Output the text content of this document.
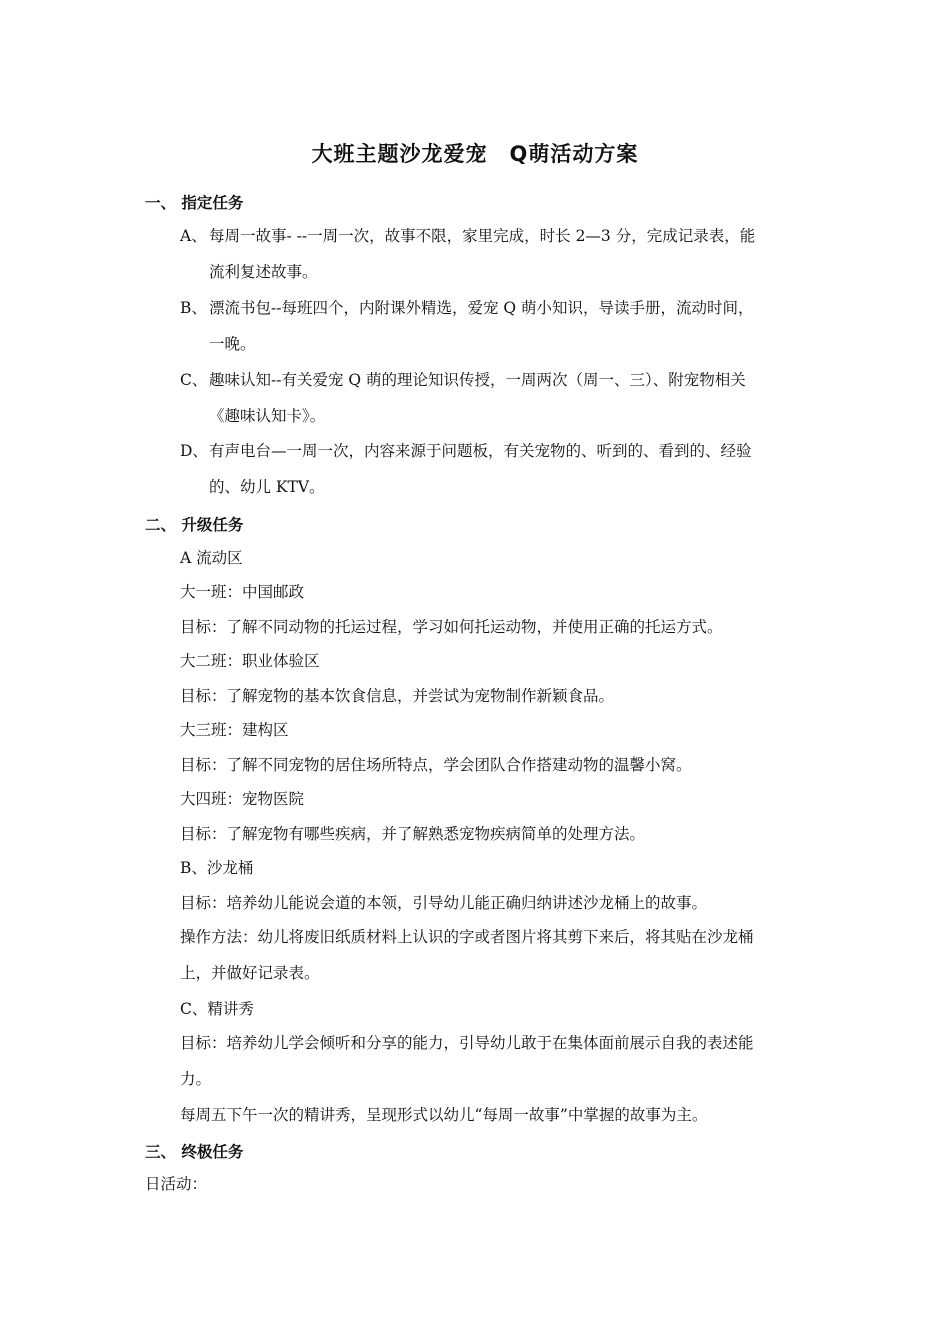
大班主题沙龙爱宠　Q萌活动方案
一、 指定任务
A、 每周一故事- --一周一次，故事不限，家里完成，时长 2—3 分，完成记录表，能
流利复述故事。
B、 漂流书包--每班四个，内附课外精选，爱宠 Q 萌小知识，导读手册，流动时间，
一晚。
C、 趣味认知--有关爱宠 Q 萌的理论知识传授，一周两次（周一、三）、附宠物相关
《趣味认知卡》。
D、 有声电台—一周一次，内容来源于问题板，有关宠物的、听到的、看到的、经验
的、幼儿 KTV。
二、 升级任务
A 流动区
大一班：中国邮政
目标：了解不同动物的托运过程，学习如何托运动物，并使用正确的托运方式。
大二班：职业体验区
目标：了解宠物的基本饮食信息，并尝试为宠物制作新颖食品。
大三班：建构区
目标：了解不同宠物的居住场所特点，学会团队合作搭建动物的温馨小窝。
大四班：宠物医院
目标：了解宠物有哪些疾病，并了解熟悉宠物疾病简单的处理方法。
B、沙龙桶
目标：培养幼儿能说会道的本领，引导幼儿能正确归纳讲述沙龙桶上的故事。
操作方法：幼儿将废旧纸质材料上认识的字或者图片将其剪下来后，将其贴在沙龙桶
上，并做好记录表。
C、精讲秀
目标：培养幼儿学会倾听和分享的能力，引导幼儿敢于在集体面前展示自我的表述能
力。
每周五下午一次的精讲秀，呈现形式以幼儿“每周一故事”中掌握的故事为主。
三、 终极任务
日活动：
